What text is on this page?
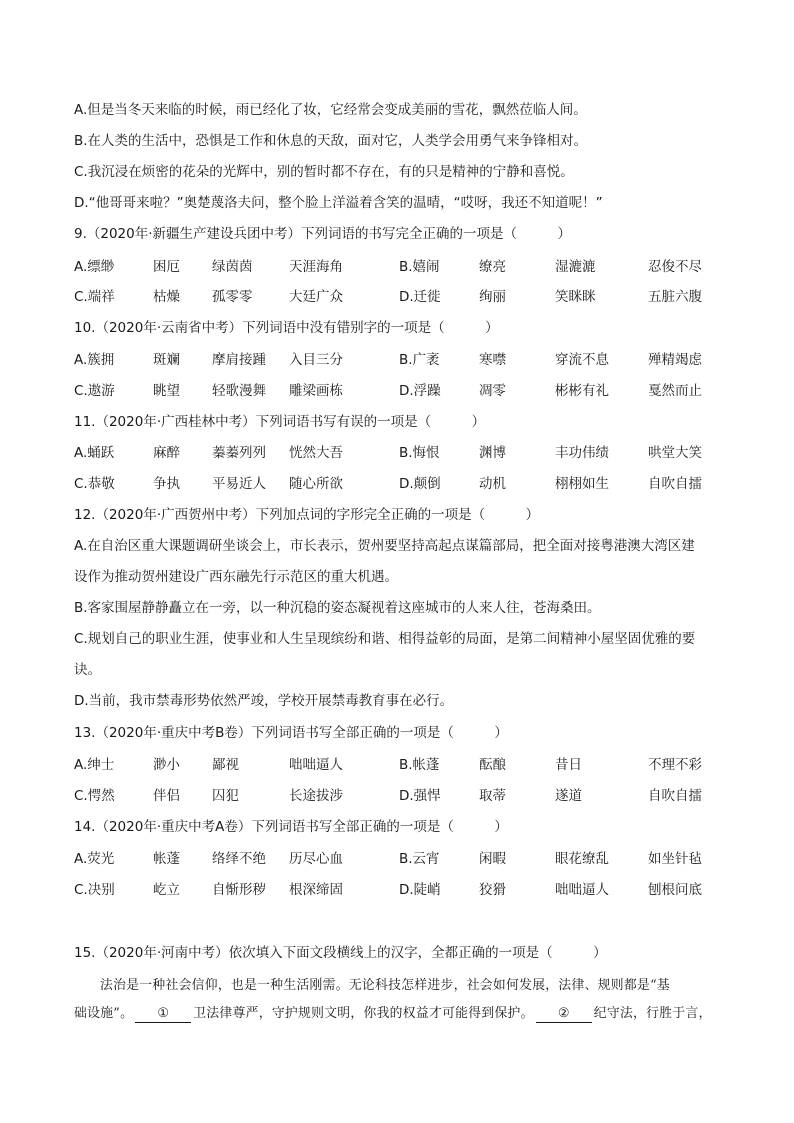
A.但是当冬天来临的时候，雨已经化了妆，它经常会变成美丽的雪花，飘然莅临人间。
B.在人类的生活中，恐惧是工作和休息的天敌，面对它，人类学会用勇气来争锋相对。
C.我沉浸在烦密的花朵的光辉中，别的暂时都不存在，有的只是精神的宁静和喜悦。
D.“他哥哥来啦？”奥楚蔑洛夫问，整个脸上洋溢着含笑的温晴，“哎呀，我还不知道呢！”
9.（2020年·新疆生产建设兵团中考）下列词语的书写完全正确的一项是（　　　）
A.缥缈	困厄 绿茵茵	天涯海角	B.嬉闹	缭亮	湿漉漉	忍俊不尽
C.端祥	枯燥 孤零零	大廷广众	D.迁徙	绚丽	笑眯眯	五脏六腹
10.（2020年·云南省中考）下列词语中没有错别字的一项是（　　　）
A.簇拥	斑斓 摩肩接踵 入目三分	B.广袤	寒噤	穿流不息	殚精竭虑
C.遨游	眺望 轻歌漫舞 雕梁画栋	D.浮躁	凋零	彬彬有礼	戛然而止
11.（2020年·广西桂林中考）下列词语书写有误的一项是（　　　）
A.蛹跃	麻醉 蓁蓁列列 恍然大吾	B.悔恨	渊博	丰功伟绩	哄堂大笑
C.恭敬	争执 平易近人 随心所欲	D.颠倒	动机	栩栩如生	自吹自擂
12.（2020年·广西贺州中考）下列加点词的字形完全正确的一项是（　　　）
A.在自治区重大课题调研坐谈会上，市长表示，贺州要坚持高起点谋篇部局，把全面对接粤港澳大湾区建
设作为推动贺州建设广西东融先行示范区的重大机遇。
B.客家围屋静静矗立在一旁，以一种沉稳的姿态凝视着这座城市的人来人往，苍海桑田。
C.规划自己的职业生涯，使事业和人生呈现缤纷和谐、相得益彰的局面，是第二间精神小屋坚固优雅的要
诀。
D.当前，我市禁毒形势依然严竣，学校开展禁毒教育事在必行。
13.（2020年·重庆中考B卷）下列词语书写全部正确的一项是（　　　）
A.绅士	渺小 鄙视	咄咄逼人	B.帐蓬	酝酿	昔日	不理不彩
C.愕然	伴侣 囚犯	长途拔涉	D.强悍	取蒂	遂道	自吹自擂
14.（2020年·重庆中考A卷）下列词语书写全部正确的一项是（　　　）
A.荧光	帐蓬 络绎不绝 历尽心血	B.云宵	闲暇	眼花缭乱	如坐针毡
C.决别	屹立 自惭形秽 根深缔固	D.陡峭	狡猾	咄咄逼人	刨根问底
15.（2020年·河南中考）依次填入下面文段横线上的汉字，全都正确的一项是（　　　）
法治是一种社会信仰，也是一种生活刚需。无论科技怎样进步，社会如何发展，法律、规则都是“基
础设施”。 ① 卫法律尊严，守护规则文明，你我的权益才可能得到保护。 ② 纪守法，行胜于言，
